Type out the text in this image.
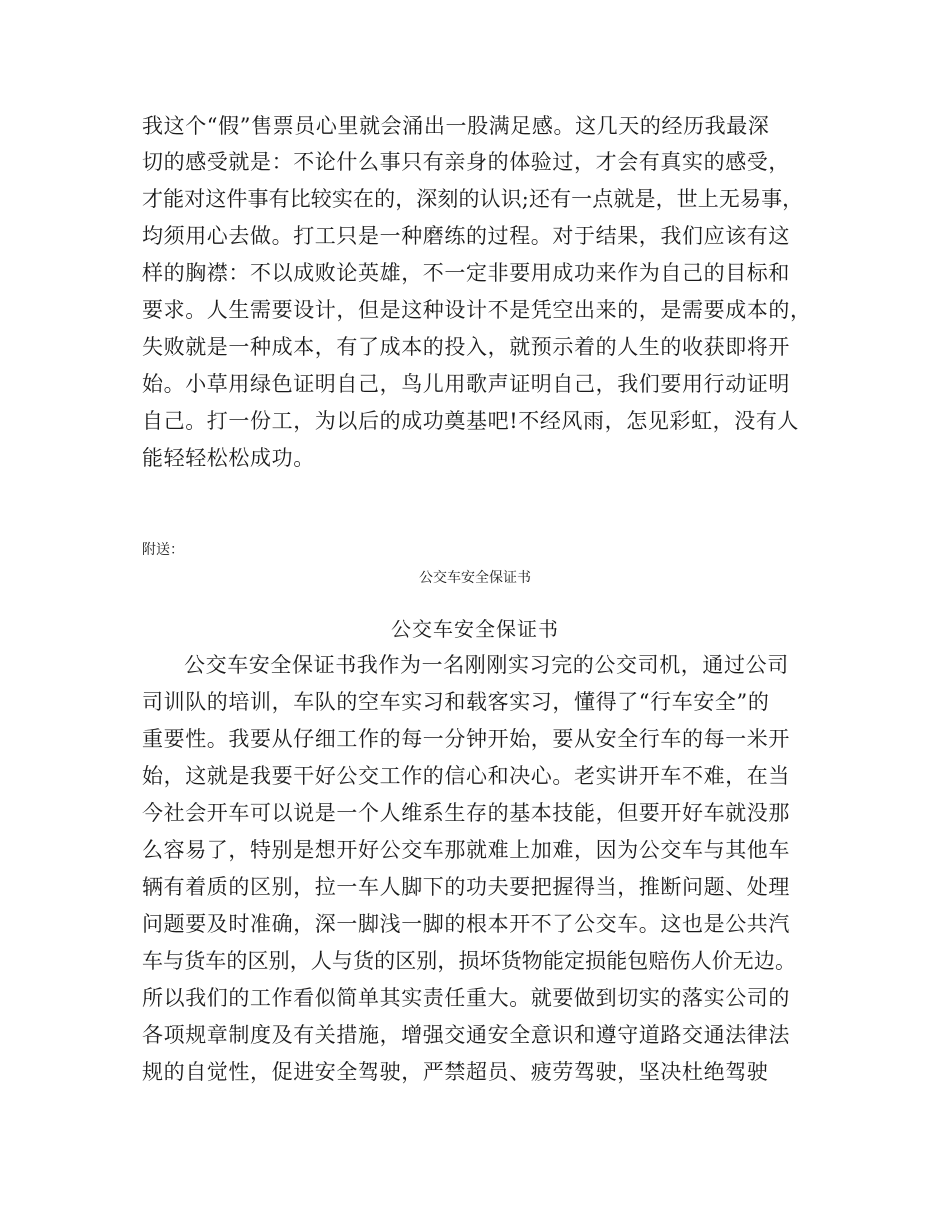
我这个“假”售票员心里就会涌出一股满足感。这几天的经历我最深
切的感受就是：不论什么事只有亲身的体验过，才会有真实的感受，
才能对这件事有比较实在的，深刻的认识;还有一点就是，世上无易事，
均须用心去做。打工只是一种磨练的过程。对于结果，我们应该有这
样的胸襟：不以成败论英雄，不一定非要用成功来作为自己的目标和
要求。人生需要设计，但是这种设计不是凭空出来的，是需要成本的，
失败就是一种成本，有了成本的投入，就预示着的人生的收获即将开
始。小草用绿色证明自己，鸟儿用歌声证明自己，我们要用行动证明
自己。打一份工，为以后的成功奠基吧!不经风雨，怎见彩虹，没有人
能轻轻松松成功。
附送：
公交车安全保证书
公交车安全保证书
公交车安全保证书我作为一名刚刚实习完的公交司机，通过公司
司训队的培训，车队的空车实习和载客实习，懂得了“行车安全”的
重要性。我要从仔细工作的每一分钟开始，要从安全行车的每一米开
始，这就是我要干好公交工作的信心和决心。老实讲开车不难，在当
今社会开车可以说是一个人维系生存的基本技能，但要开好车就没那
么容易了，特别是想开好公交车那就难上加难，因为公交车与其他车
辆有着质的区别，拉一车人脚下的功夫要把握得当，推断问题、处理
问题要及时准确，深一脚浅一脚的根本开不了公交车。这也是公共汽
车与货车的区别，人与货的区别，损坏货物能定损能包赔伤人价无边。
所以我们的工作看似简单其实责任重大。就要做到切实的落实公司的
各项规章制度及有关措施，增强交通安全意识和遵守道路交通法律法
规的自觉性，促进安全驾驶，严禁超员、疲劳驾驶，坚决杜绝驾驶
